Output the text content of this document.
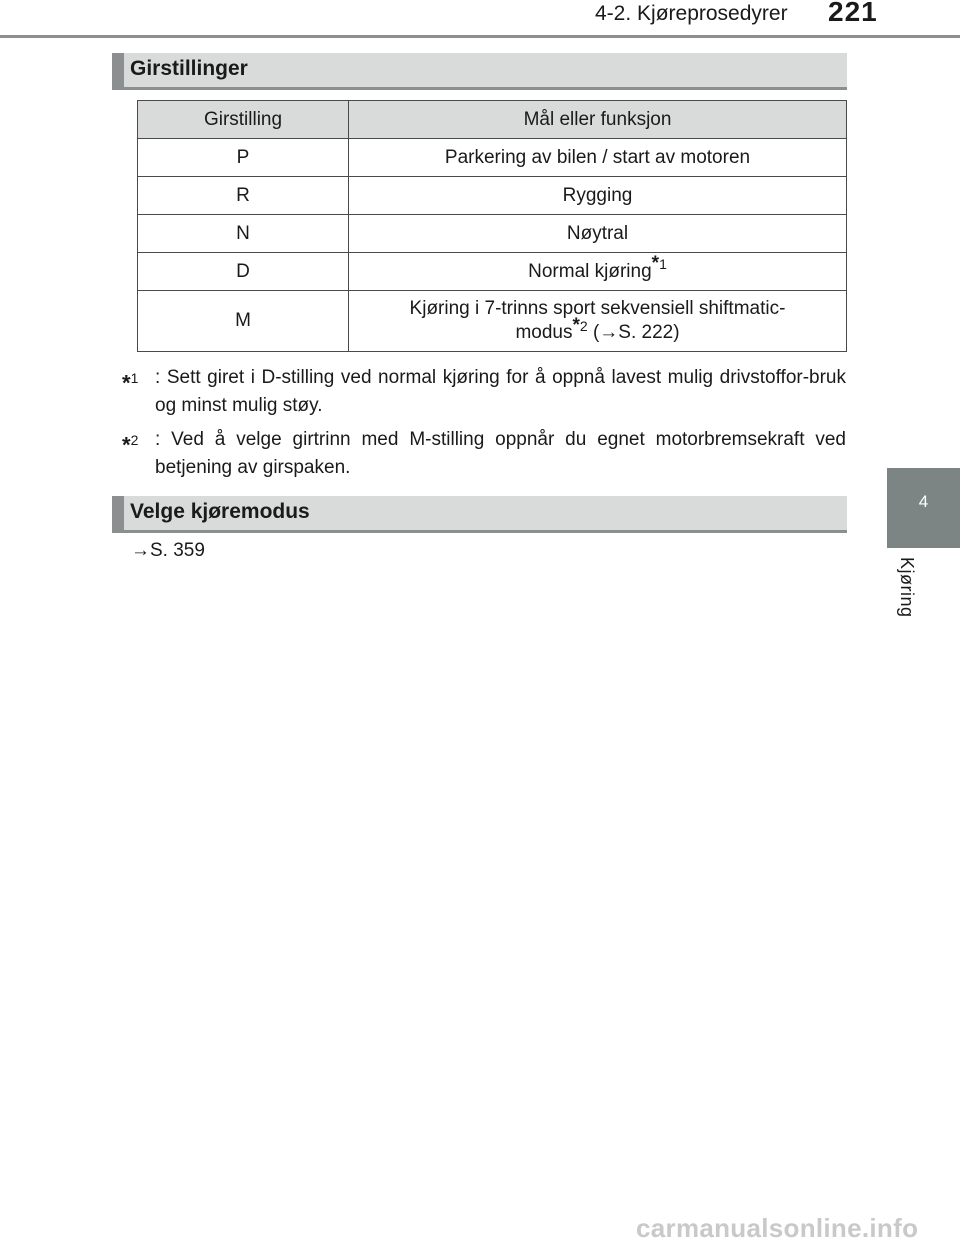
4-2. Kjøreprosedyrer 221
4
Kjøring
Girstillinger
Girstilling	Mål eller funksjon
P	Parkering av bilen / start av motoren
R	Rygging
N	Nøytral
D	Normal kjøring$^{*1}$
M	Kjøring i 7-trinns sport sekvensiell shiftmatic-
modus$^{*2}$ (→S. 222)
*$^1$ : Sett giret i D-stilling ved normal kjøring for å oppnå lavest mulig drivstoffor-bruk og minst mulig støy.
*$^2$ : Ved å velge girtrinn med M-stilling oppnår du egnet motorbremsekraft ved betjening av girspaken.
Velge kjøremodus
→S. 359
carmanualsonline.info
